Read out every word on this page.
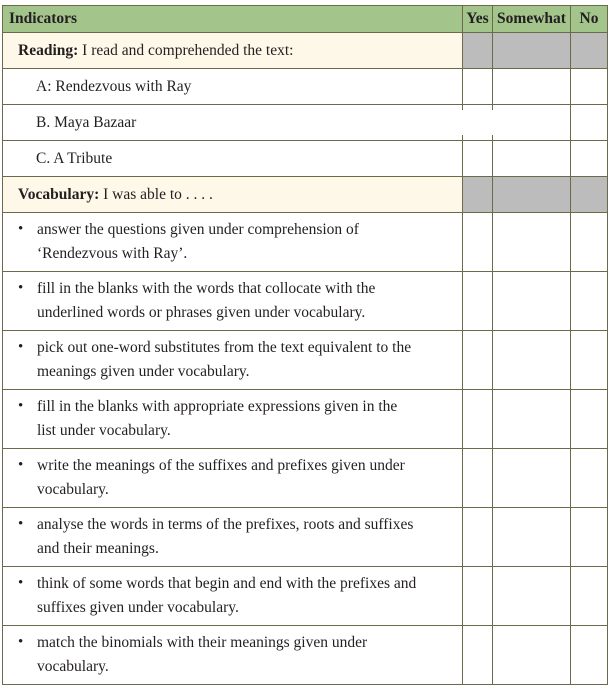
Indicators	Yes	Somewhat	No
Reading: I read and comprehended the text:			
A: Rendezvous with Ray			
B. Maya Bazaar			
C. A Tribute			
Vocabulary: I was able to . . . .			

• answer the questions given under comprehension of
‘Rendezvous with Ray’.			

• fill in the blanks with the words that collocate with the
underlined words or phrases given under vocabulary.			

• pick out one-word substitutes from the text equivalent to the
meanings given under vocabulary.			

• fill in the blanks with appropriate expressions given in the
list under vocabulary.			

• write the meanings of the suffixes and prefixes given under
vocabulary.			

• analyse the words in terms of the prefixes, roots and suffixes
and their meanings.			

• think of some words that begin and end with the prefixes and
suffixes given under vocabulary.			

• match the binomials with their meanings given under
vocabulary.			
